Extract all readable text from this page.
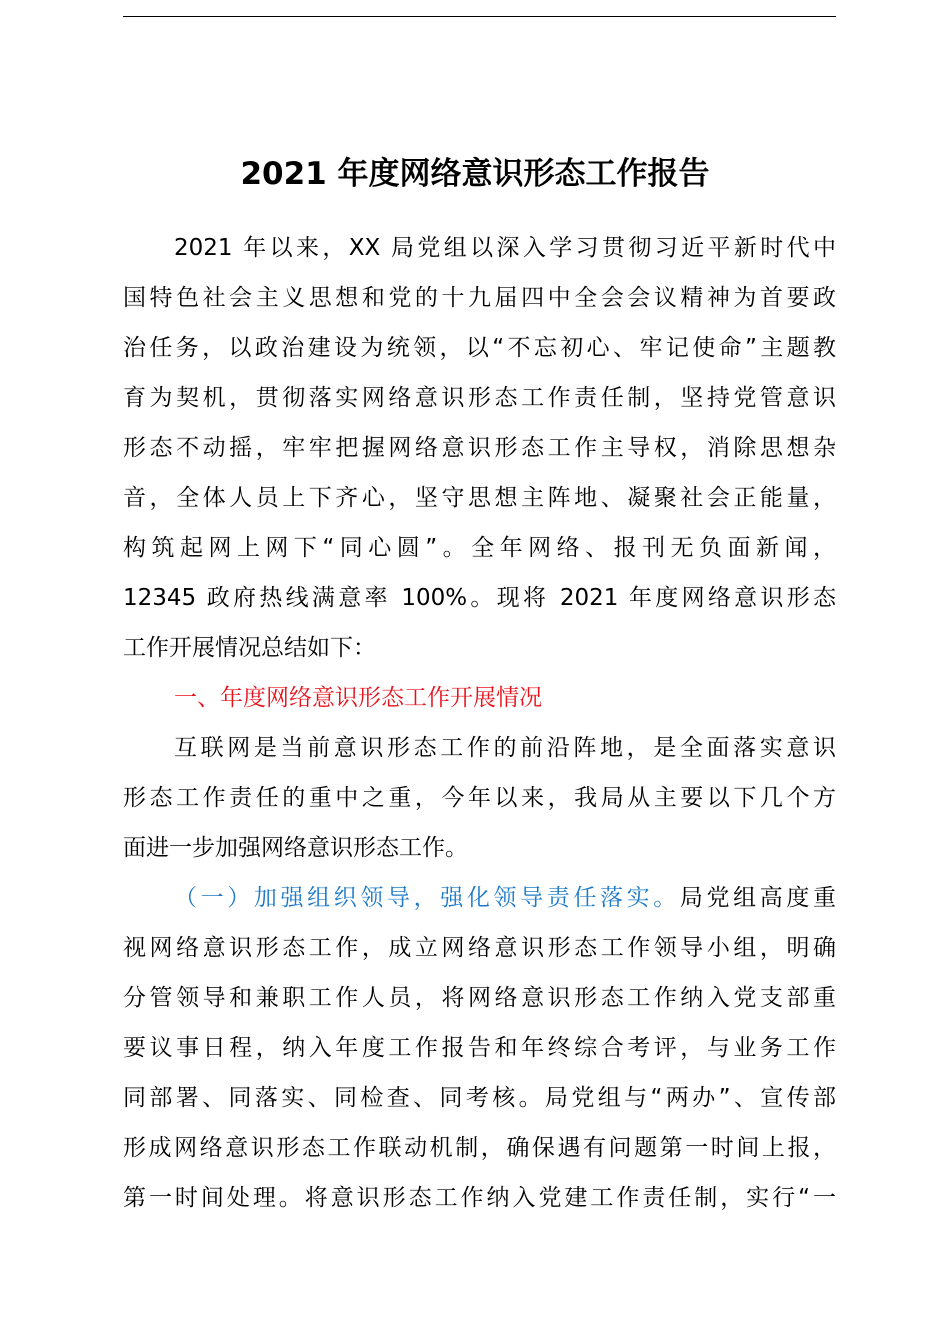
2021 年度网络意识形态工作报告

2021 年以来，XX 局党组以深入学习贯彻习近平新时代中

国特色社会主义思想和党的十九届四中全会会议精神为首要政

治任务，以政治建设为统领，以“不忘初心、牢记使命”主题教

育为契机，贯彻落实网络意识形态工作责任制，坚持党管意识

形态不动摇，牢牢把握网络意识形态工作主导权，消除思想杂

音，全体人员上下齐心，坚守思想主阵地、凝聚社会正能量，

构筑起网上网下“同心圆”。全年网络、报刊无负面新闻，

12345 政府热线满意率 100%。现将 2021 年度网络意识形态

工作开展情况总结如下：

一、年度网络意识形态工作开展情况

互联网是当前意识形态工作的前沿阵地，是全面落实意识

形态工作责任的重中之重，今年以来，我局从主要以下几个方

面进一步加强网络意识形态工作。

（一）加强组织领导，强化领导责任落实。局党组高度重

视网络意识形态工作，成立网络意识形态工作领导小组，明确

分管领导和兼职工作人员，将网络意识形态工作纳入党支部重

要议事日程，纳入年度工作报告和年终综合考评，与业务工作

同部署、同落实、同检查、同考核。局党组与“两办”、宣传部

形成网络意识形态工作联动机制，确保遇有问题第一时间上报，

第一时间处理。将意识形态工作纳入党建工作责任制，实行“一
